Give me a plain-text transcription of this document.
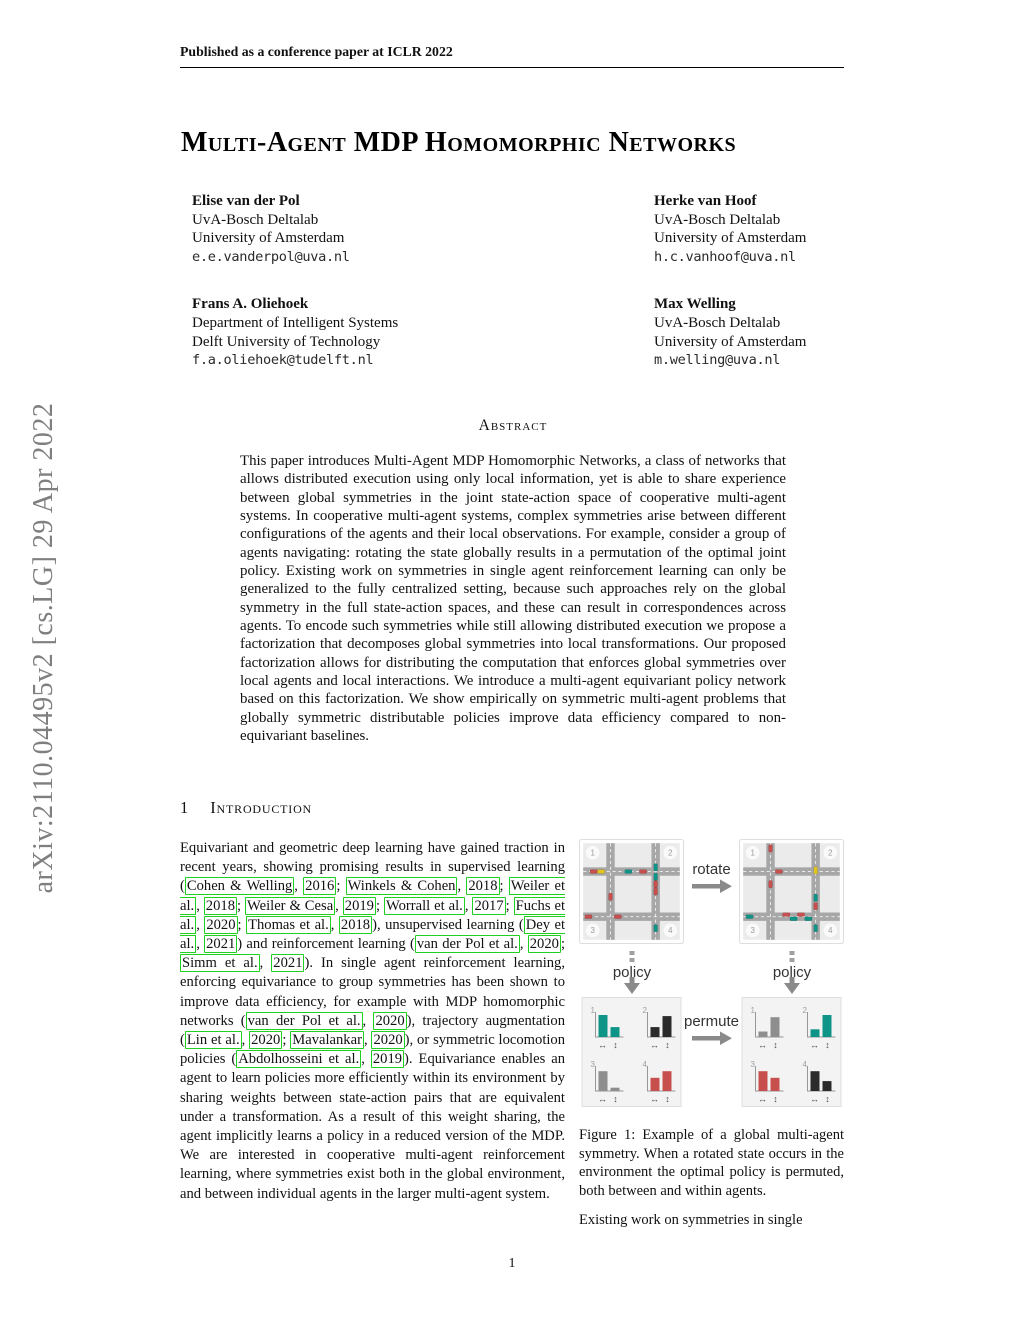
arXiv:2110.04495v2 [cs.LG] 29 Apr 2022
Published as a conference paper at ICLR 2022
Multi-Agent MDP Homomorphic Networks
Elise van der Pol
UvA-Bosch Deltalab
University of Amsterdam
e.e.vanderpol@uva.nl
Herke van Hoof
UvA-Bosch Deltalab
University of Amsterdam
h.c.vanhoof@uva.nl
Frans A. Oliehoek
Department of Intelligent Systems
Delft University of Technology
f.a.oliehoek@tudelft.nl
Max Welling
UvA-Bosch Deltalab
University of Amsterdam
m.welling@uva.nl
Abstract

This paper introduces Multi-Agent MDP Homomorphic Networks, a class of networks that allows distributed execution using only local information, yet is able to share experience between global symmetries in the joint state-action space of cooperative multi-agent systems. In cooperative multi-agent systems, complex symmetries arise between different configurations of the agents and their local observations. For example, consider a group of agents navigating: rotating the state globally results in a permutation of the optimal joint policy. Existing work on symmetries in single agent reinforcement learning can only be generalized to the fully centralized setting, because such approaches rely on the global symmetry in the full state-action spaces, and these can result in correspondences across agents. To encode such symmetries while still allowing distributed execution we propose a factorization that decomposes global symmetries into local transformations. Our proposed factorization allows for distributing the computation that enforces global symmetries over local agents and local interactions. We introduce a multi-agent equivariant policy network based on this factorization. We show empirically on symmetric multi-agent problems that globally symmetric distributable policies improve data efficiency compared to non-equivariant baselines.

1 Introduction
Equivariant and geometric deep learning have gained traction in recent years, showing promising results in supervised learning ( Cohen & Welling , 2016 ; Winkels & Cohen , 2018 ; Weiler et al. , 2018 ; Weiler & Cesa , 2019 ; Worrall et al. , 2017 ; Fuchs et al. , 2020 ; Thomas et al. , 2018 ), unsupervised learning ( Dey et al. , 2021 ) and reinforcement learning ( van der Pol et al. , 2020 ; Simm et al. , 2021 ). In single agent reinforcement learning, enforcing equivariance to group symmetries has been shown to improve data efficiency, for example with MDP homomorphic networks ( van der Pol et al. , 2020 ), trajectory augmentation ( Lin et al. , 2020 ; Mavalankar , 2020 ), or symmetric locomotion policies ( Abdolhosseini et al. , 2019 ). Equivariance enables an agent to learn policies more efficiently within its environment by sharing weights between state-action pairs that are equivalent under a transformation. As a result of this weight sharing, the agent implicitly learns a policy in a reduced version of the MDP. We are interested in cooperative multi-agent reinforcement learning, where symmetries exist both in the global environment, and between individual agents in the larger multi-agent system.
1	2
3	4
rotate
1	2
3	4
policy	policy
1
↔ ↕
2
↔ ↕
3
↔ ↕
4
↔ ↕
permute
1
↔ ↕
2
↔ ↕
3
↔ ↕
4
↔ ↕
Figure 1: Example of a global multi-agent symmetry. When a rotated state occurs in the environment the optimal policy is permuted, both between and within agents.
Existing work on symmetries in single
1
